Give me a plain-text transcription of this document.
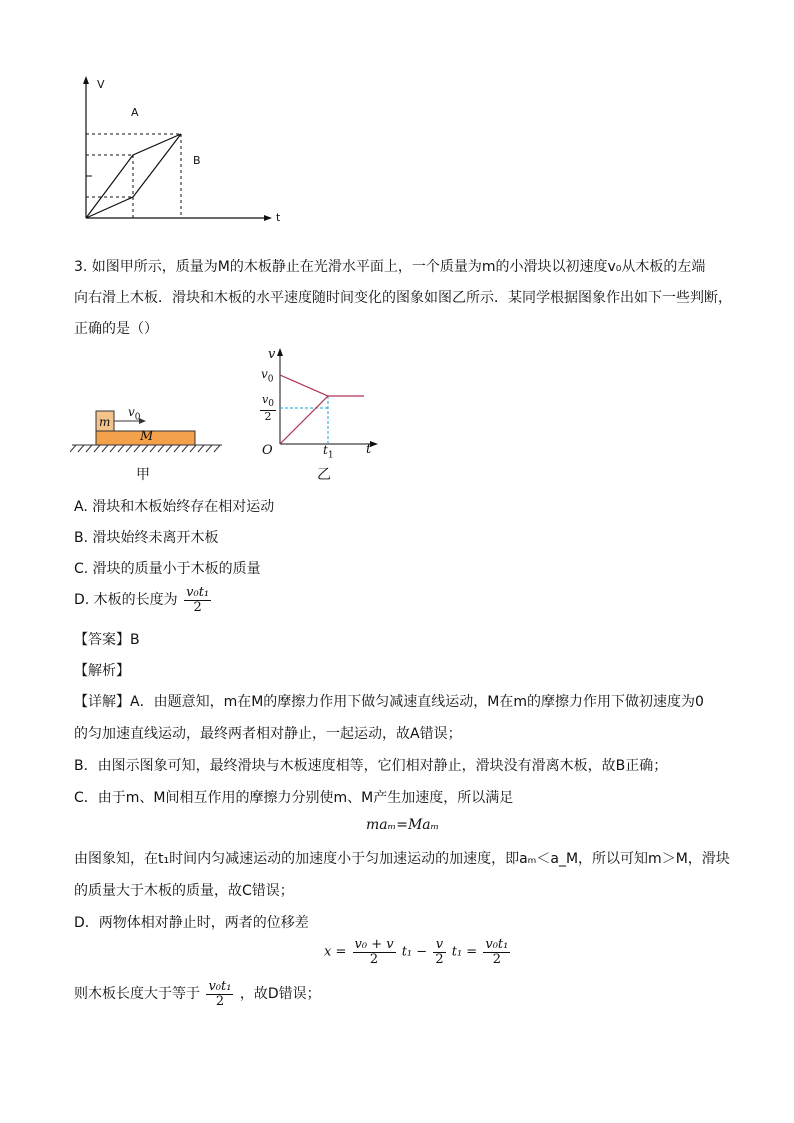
V
A
B
t
3. 如图甲所示，质量为M的木板静止在光滑水平面上，一个质量为m的小滑块以初速度v₀从木板的左端
向右滑上木板．滑块和木板的水平速度随时间变化的图象如图乙所示．某同学根据图象作出如下一些判断，
正确的是（）
m
M
$v_0$
甲
v
$v_0$
$\frac{v_0}{2}$
O	$t_1$ t
乙
A. 滑块和木板始终存在相对运动
B. 滑块始终未离开木板
C. 滑块的质量小于木板的质量
D. 木板的长度为 $\frac{\text{v₀t₁}}{2}$
【答案】B
【解析】
【详解】A．由题意知，m在M的摩擦力作用下做匀减速直线运动，M在m的摩擦力作用下做初速度为0
的匀加速直线运动，最终两者相对静止，一起运动，故A错误；
B．由图示图象可知，最终滑块与木板速度相等，它们相对静止，滑块没有滑离木板，故B正确；
C．由于m、M间相互作用的摩擦力分别使m、M产生加速度，所以满足
maₘ=Maₘ
由图象知，在t₁时间内匀减速运动的加速度小于匀加速运动的加速度，即aₘ＜a_M，所以可知m＞M，滑块
的质量大于木板的质量，故C错误；
D．两物体相对静止时，两者的位移差
$x = \frac{\text{v₀ + v}}{2} t_1 - \frac{v}{2} t_1 = \frac{\text{v₀t₁}}{2}$
则木板长度大于等于 $\frac{\text{v₀t₁}}{2}$ ，故D错误；
